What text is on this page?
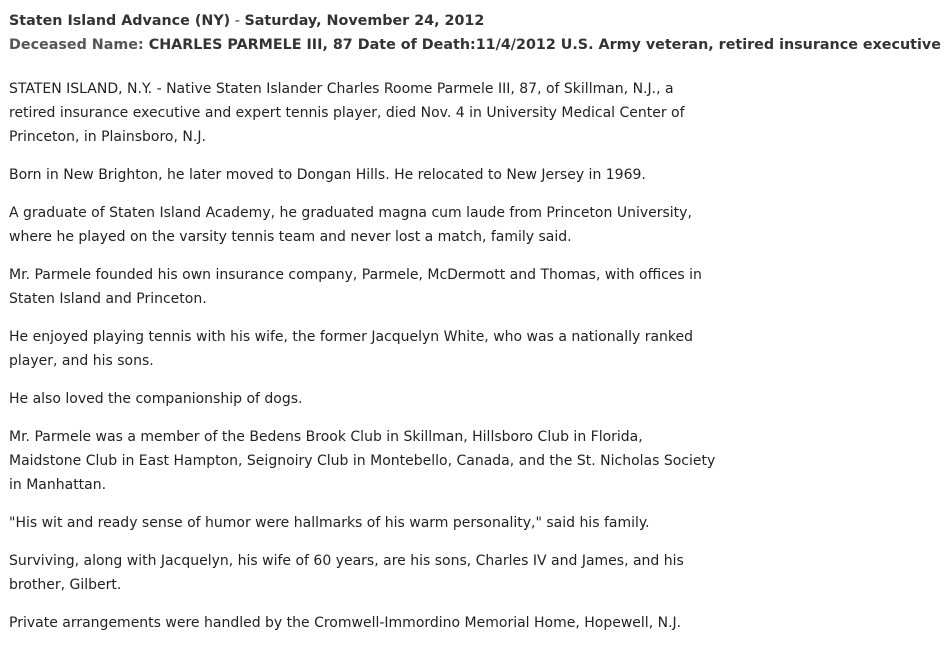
Staten Island Advance (NY) - Saturday, November 24, 2012
Deceased Name: CHARLES PARMELE III, 87 Date of Death:11/4/2012 U.S. Army veteran, retired insurance executive

STATEN ISLAND, N.Y. - Native Staten Islander Charles Roome Parmele III, 87, of Skillman, N.J., a retired insurance executive and expert tennis player, died Nov. 4 in University Medical Center of Princeton, in Plainsboro, N.J.

Born in New Brighton, he later moved to Dongan Hills. He relocated to New Jersey in 1969.

A graduate of Staten Island Academy, he graduated magna cum laude from Princeton University, where he played on the varsity tennis team and never lost a match, family said.

Mr. Parmele founded his own insurance company, Parmele, McDermott and Thomas, with offices in Staten Island and Princeton.

He enjoyed playing tennis with his wife, the former Jacquelyn White, who was a nationally ranked player, and his sons.

He also loved the companionship of dogs.

Mr. Parmele was a member of the Bedens Brook Club in Skillman, Hillsboro Club in Florida, Maidstone Club in East Hampton, Seignoiry Club in Montebello, Canada, and the St. Nicholas Society in Manhattan.

"His wit and ready sense of humor were hallmarks of his warm personality," said his family.

Surviving, along with Jacquelyn, his wife of 60 years, are his sons, Charles IV and James, and his brother, Gilbert.

Private arrangements were handled by the Cromwell-Immordino Memorial Home, Hopewell, N.J.
